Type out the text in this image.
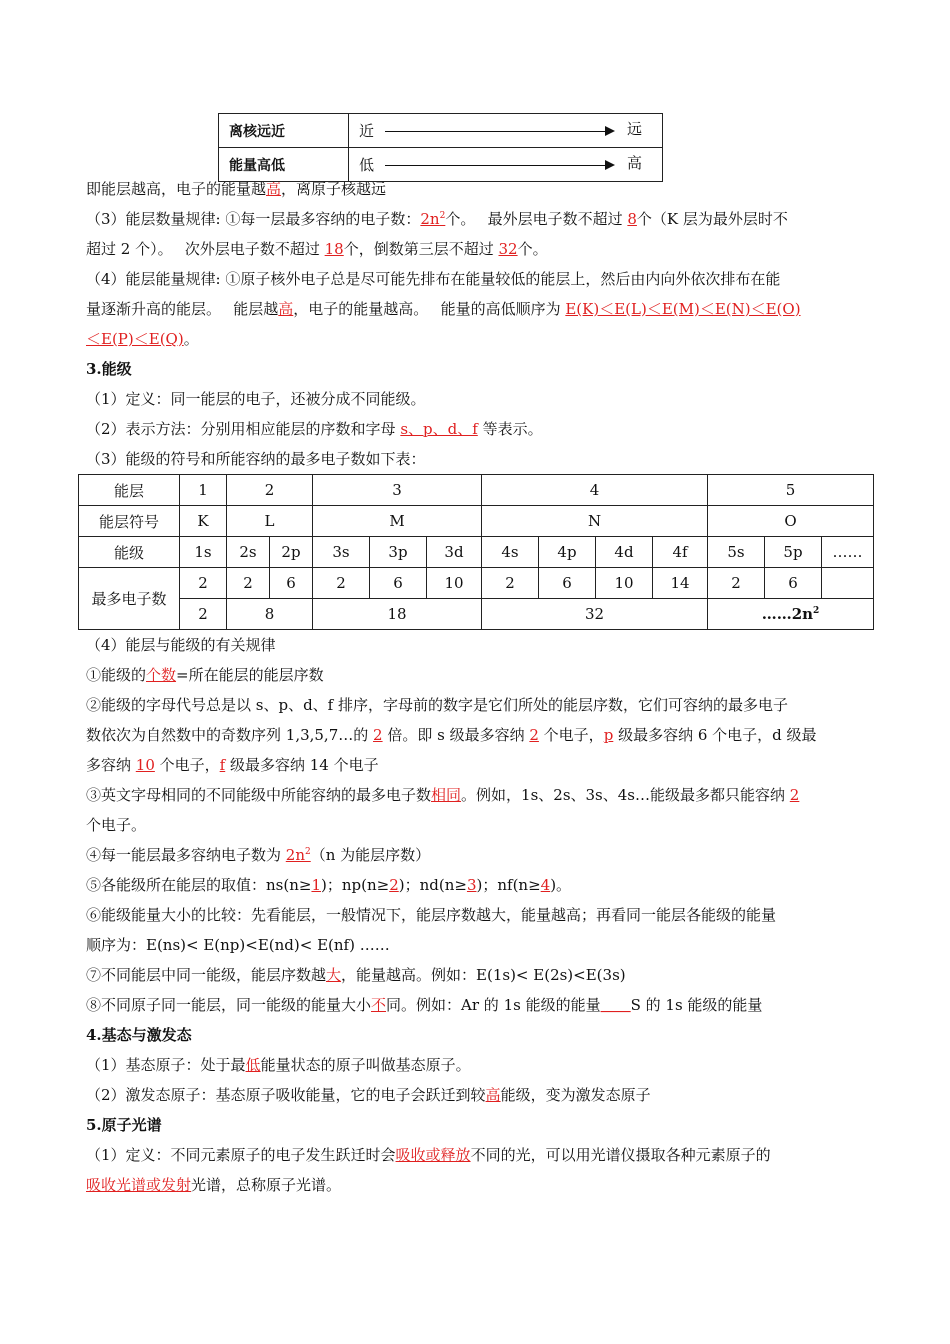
离核远近	近 远

能量高低	低 高
即能层越高，电子的能量越高，离原子核越远
（3）能层数量规律: ①每一层最多容纳的电子数：$2n^2$个。　 最外层电子数不超过 8个（K 层为最外层时不
超过 2 个）。　 次外层电子数不超过 18个，倒数第三层不超过 32个。
（4）能层能量规律: ①原子核外电子总是尽可能先排布在能量较低的能层上，然后由内向外依次排布在能
量逐渐升高的能层。　 能层越高，电子的能量越高。　 能量的高低顺序为 E(K)＜E(L)＜E(M)＜E(N)＜E(O)
＜E(P)＜E(Q)。
3.能级
（1）定义：同一能层的电子，还被分成不同能级。
（2）表示方法：分别用相应能层的序数和字母 s、p、d、f 等表示。
（3）能级的符号和所能容纳的最多电子数如下表：
能层	1	2		3			4				5		
能层符号	K	L		M			N				O		
能级	1s	2s	2p	3s	3p	3d	4s	4p	4d	4f	5s	5p	……
最多电子数	2	2	6	2	6	10	2	6	10	14	2	6	
	2	8		18			32				$\dots\dots 2n^2$
（4）能层与能级的有关规律
①能级的个数=所在能层的能层序数
②能级的字母代号总是以 s、p、d、f 排序，字母前的数字是它们所处的能层序数，它们可容纳的最多电子
数依次为自然数中的奇数序列 1,3,5,7…的 2 倍。即 s 级最多容纳 2 个电子，p 级最多容纳 6 个电子，d 级最
多容纳 10 个电子，f 级最多容纳 14 个电子
③英文字母相同的不同能级中所能容纳的最多电子数相同。例如，1s、2s、3s、4s…能级最多都只能容纳 2
个电子。
④每一能层最多容纳电子数为 $2n^2(n$ 为能层序数）
⑤各能级所在能层的取值：ns(n≥1)；np(n≥2)；nd(n≥3)；nf(n≥4)。
⑥能级能量大小的比较：先看能层，一般情况下，能层序数越大，能量越高；再看同一能层各能级的能量
顺序为：E(ns)< E(np)<E(nd)< E(nf) ……
⑦不同能层中同一能级，能层序数越大，能量越高。例如：E(1s)< E(2s)<E(3s)
⑧不同原子同一能层，同一能级的能量大小不同。例如：Ar 的 1s 能级的能量＿＿S 的 1s 能级的能量
4.基态与激发态
（1）基态原子：处于最低能量状态的原子叫做基态原子。
（2）激发态原子：基态原子吸收能量，它的电子会跃迁到较高能级，变为激发态原子
5.原子光谱
（1）定义：不同元素原子的电子发生跃迁时会吸收或释放不同的光，可以用光谱仪摄取各种元素原子的
吸收光谱或发射光谱，总称原子光谱。
